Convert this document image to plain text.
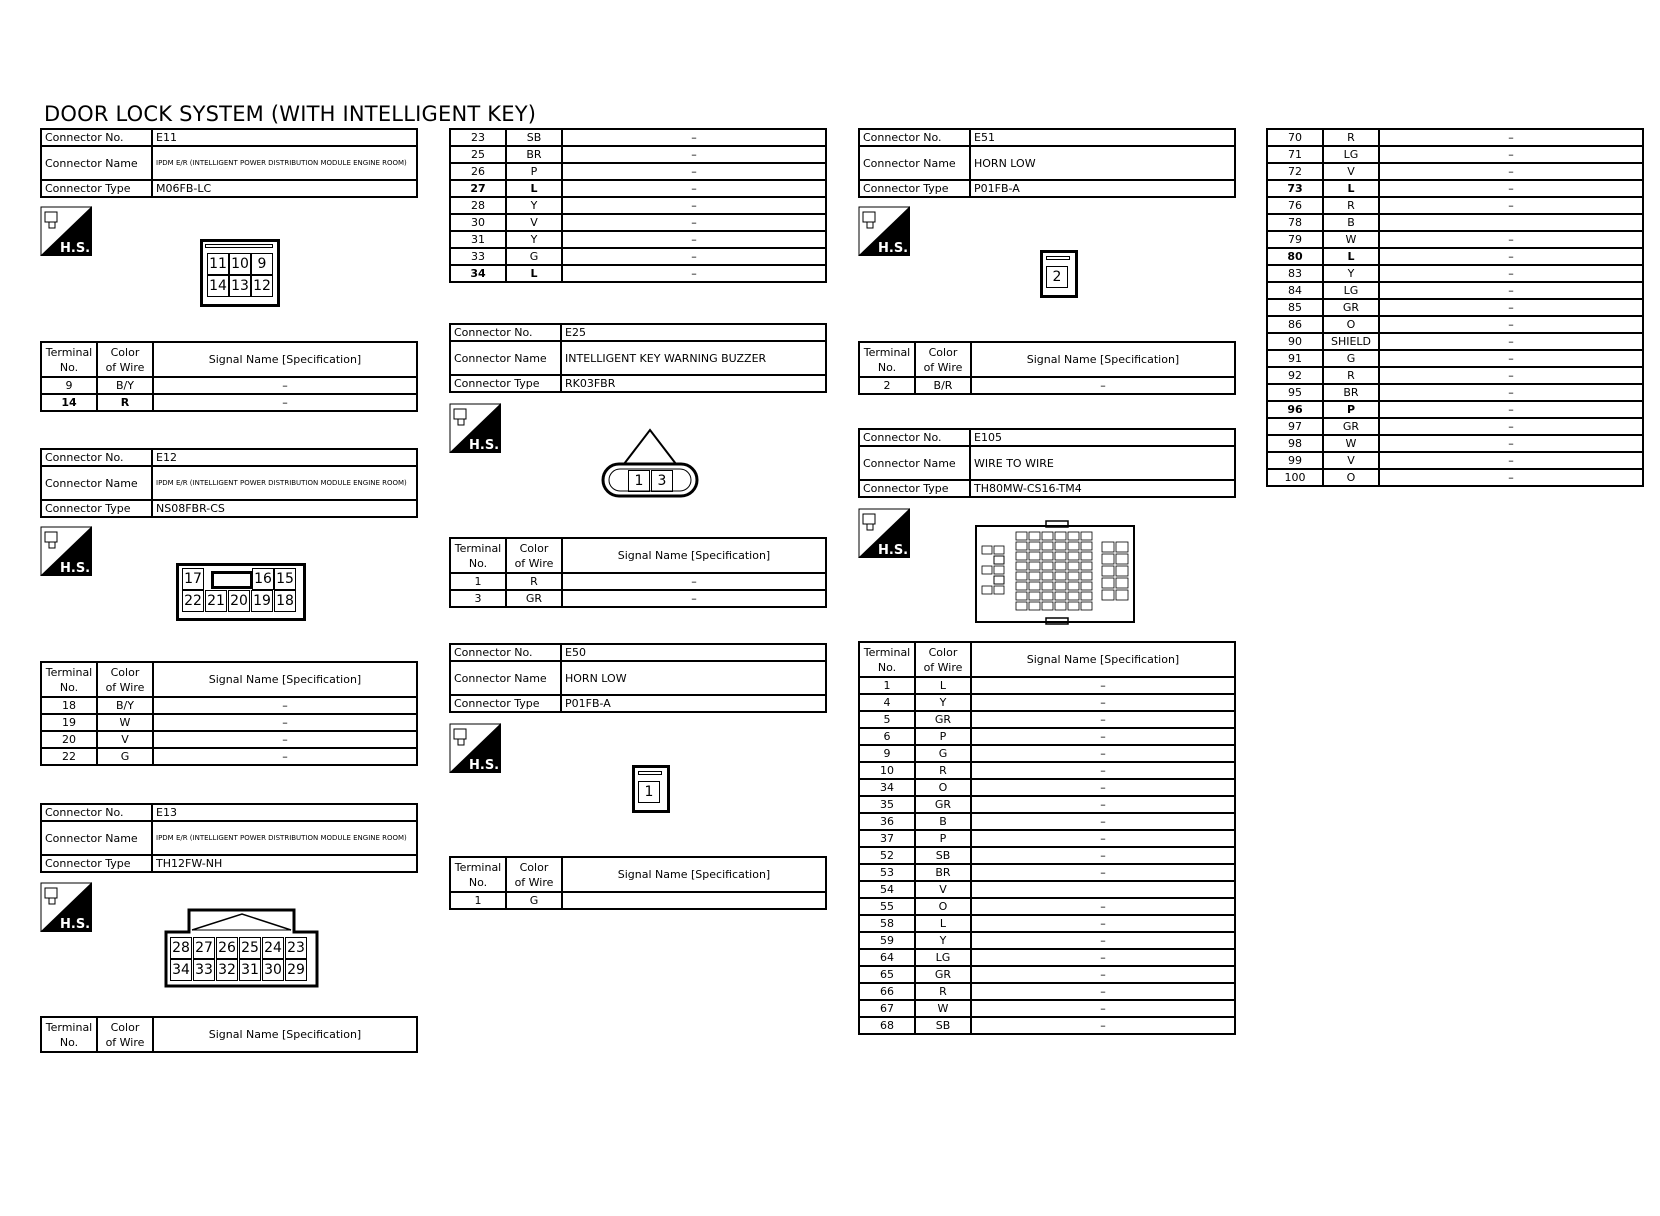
DOOR LOCK SYSTEM (WITH INTELLIGENT KEY)
Connector No.	E11
Connector Name	IPDM E/R (INTELLIGENT POWER DISTRIBUTION MODULE ENGINE ROOM)

Connector Type	M06FB-LC
H.S.
11 10 9
14 13 12
Terminal
No.	Color
of Wire	Signal Name [Specification]
9	B/Y	–
14	R	–
Connector No.	E12
Connector Name	IPDM E/R (INTELLIGENT POWER DISTRIBUTION MODULE ENGINE ROOM)

Connector Type	NS08FBR-CS
H.S.
17	16 15
22 21 20 19 18
Terminal
No.	Color
of Wire	Signal Name [Specification]
18	B/Y	–
19	W	–
20	V	–
22	G	–
Connector No.	E13
Connector Name	IPDM E/R (INTELLIGENT POWER DISTRIBUTION MODULE ENGINE ROOM)

Connector Type	TH12FW-NH
H.S.
28 27 26 25 24 23
34 33 32 31 30 29
Terminal
No.	Color
of Wire	Signal Name [Specification]
23	SB	–
25	BR	–
26	P	–
27	L	–
28	Y	–
30	V	–
31	Y	–
33	G	–
34	L	–
Connector No.	E25
Connector Name	INTELLIGENT KEY WARNING BUZZER
Connector Type	RK03FBR
H.S.
1	3
Terminal
No.	Color
of Wire	Signal Name [Specification]
1	R	–
3	GR	–
Connector No.	E50
Connector Name	HORN LOW
Connector Type	P01FB-A
H.S.
1
Terminal
No.	Color
of Wire	Signal Name [Specification]
1	G	
Connector No.	E51
Connector Name	HORN LOW
Connector Type	P01FB-A
H.S.
2
Terminal
No.	Color
of Wire	Signal Name [Specification]
2	B/R	–
Connector No.	E105
Connector Name	WIRE TO WIRE
Connector Type	TH80MW-CS16-TM4
H.S.
Terminal
No.	Color
of Wire	Signal Name [Specification]
1	L	–
4	Y	–
5	GR	–
6	P	–
9	G	–
10	R	–
34	O	–
35	GR	–
36	B	–
37	P	–
52	SB	–
53	BR	–
54	V	
55	O	–
58	L	–
59	Y	–
64	LG	–
65	GR	–
66	R	–
67	W	–
68	SB	–
70	R	–
71	LG	–
72	V	–
73	L	–
76	R	–
78	B	
79	W	–
80	L	–
83	Y	–
84	LG	–
85	GR	–
86	O	–
90	SHIELD	–
91	G	–
92	R	–
95	BR	–
96	P	–
97	GR	–
98	W	–
99	V	–
100	O	–
